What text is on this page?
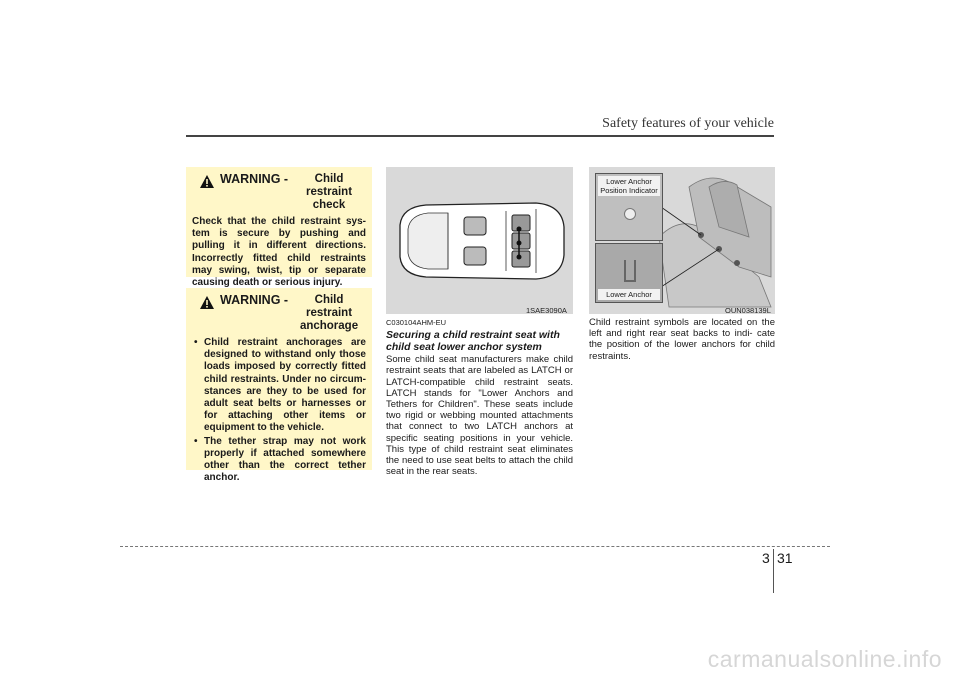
Safety features of your vehicle
WARNING -	Child restraint check
Check that the child restraint sys- tem is secure by pushing and pulling it in different directions. Incorrectly fitted child restraints may swing, twist, tip or separate causing death or serious injury.
WARNING -	Child restraint anchorage
• Child restraint anchorages are designed to withstand only those loads imposed by correctly fitted child restraints. Under no circum- stances are they to be used for adult seat belts or harnesses or for attaching other items or equipment to the vehicle.
• The tether strap may not work properly if attached somewhere other than the correct tether anchor.
1SAE3090A
Lower Anchor Position Indicator
Lower Anchor
OUN038139L
C030104AHM-EU
Securing a child restraint seat with child seat lower anchor system
Some child seat manufacturers make child restraint seats that are labeled as LATCH or LATCH-compatible child restraint seats. LATCH stands for "Lower Anchors and Tethers for Children". These seats include two rigid or webbing mounted attachments that connect to two LATCH anchors at specific seating positions in your vehicle. This type of child restraint seat eliminates the need to use seat belts to attach the child seat in the rear seats.
Child restraint symbols are located on the left and right rear seat backs to indi- cate the position of the lower anchors for child restraints.
3 31
carmanualsonline.info
